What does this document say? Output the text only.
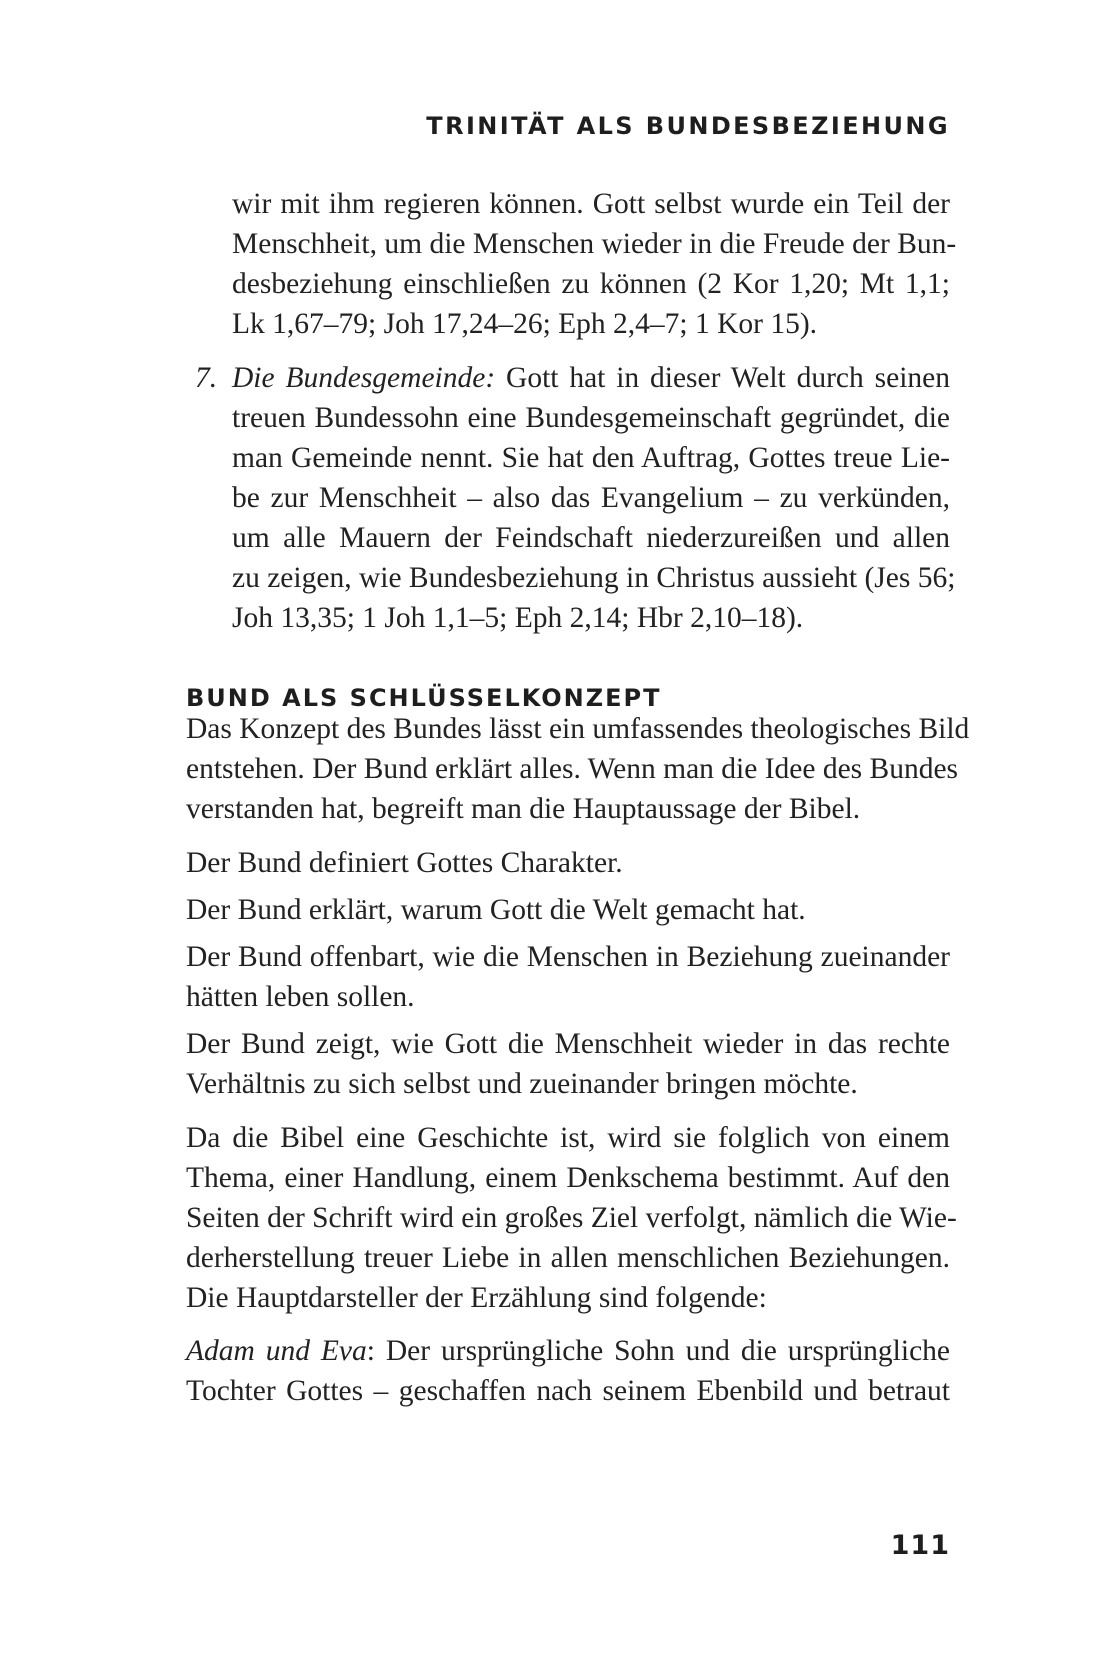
TRINITÄT ALS BUNDESBEZIEHUNG
wir mit ihm regieren können. Gott selbst wurde ein Teil der
Menschheit, um die Menschen wieder in die Freude der Bun-
desbeziehung einschließen zu können (2 Kor 1,20; Mt 1,1;
Lk 1,67–79; Joh 17,24–26; Eph 2,4–7; 1 Kor 15).
7. Die Bundesgemeinde: Gott hat in dieser Welt durch seinen
treuen Bundessohn eine Bundesgemeinschaft gegründet, die
man Gemeinde nennt. Sie hat den Auftrag, Gottes treue Lie-
be zur Menschheit – also das Evangelium – zu verkünden,
um alle Mauern der Feindschaft niederzureißen und allen
zu zeigen, wie Bundesbeziehung in Christus aussieht (Jes 56;
Joh 13,35; 1 Joh 1,1–5; Eph 2,14; Hbr 2,10–18).
BUND ALS SCHLÜSSELKONZEPT
Das Konzept des Bundes lässt ein umfassendes theologisches Bild
entstehen. Der Bund erklärt alles. Wenn man die Idee des Bundes
verstanden hat, begreift man die Hauptaussage der Bibel.
Der Bund definiert Gottes Charakter.
Der Bund erklärt, warum Gott die Welt gemacht hat.
Der Bund offenbart, wie die Menschen in Beziehung zueinander
hätten leben sollen.
Der Bund zeigt, wie Gott die Menschheit wieder in das rechte
Verhältnis zu sich selbst und zueinander bringen möchte.
Da die Bibel eine Geschichte ist, wird sie folglich von einem
Thema, einer Handlung, einem Denkschema bestimmt. Auf den
Seiten der Schrift wird ein großes Ziel verfolgt, nämlich die Wie-
derherstellung treuer Liebe in allen menschlichen Beziehungen.
Die Hauptdarsteller der Erzählung sind folgende:
Adam und Eva: Der ursprüngliche Sohn und die ursprüngliche
Tochter Gottes – geschaffen nach seinem Ebenbild und betraut
111
